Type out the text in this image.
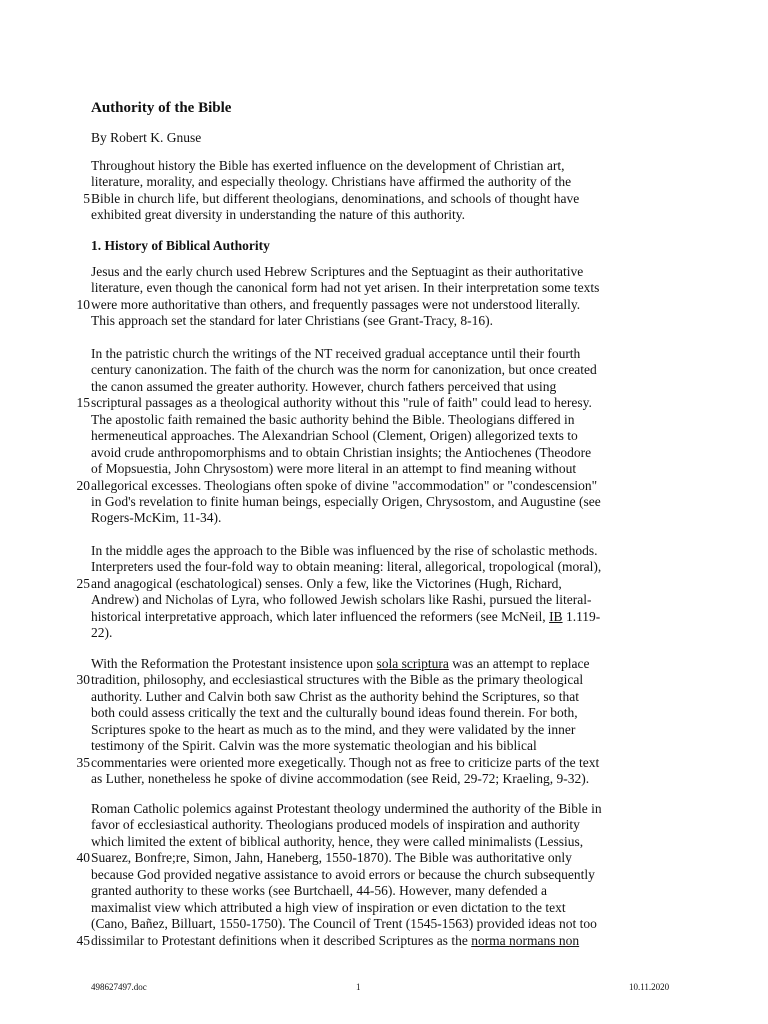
Authority of the Bible

By Robert K. Gnuse

Throughout history the Bible has exerted influence on the development of Christian art,
literature, morality, and especially theology. Christians have affirmed the authority of the
5 Bible in church life, but different theologians, denominations, and schools of thought have
exhibited great diversity in understanding the nature of this authority.
1. History of Biblical Authority
Jesus and the early church used Hebrew Scriptures and the Septuagint as their authoritative
literature, even though the canonical form had not yet arisen. In their interpretation some texts
10 were more authoritative than others, and frequently passages were not understood literally.
This approach set the standard for later Christians (see Grant-Tracy, 8-16).
In the patristic church the writings of the NT received gradual acceptance until their fourth
century canonization. The faith of the church was the norm for canonization, but once created
the canon assumed the greater authority. However, church fathers perceived that using
15 scriptural passages as a theological authority without this "rule of faith" could lead to heresy.
The apostolic faith remained the basic authority behind the Bible. Theologians differed in
hermeneutical approaches. The Alexandrian School (Clement, Origen) allegorized texts to
avoid crude anthropomorphisms and to obtain Christian insights; the Antiochenes (Theodore
of Mopsuestia, John Chrysostom) were more literal in an attempt to find meaning without
20 allegorical excesses. Theologians often spoke of divine "accommodation" or "condescension"
in God's revelation to finite human beings, especially Origen, Chrysostom, and Augustine (see
Rogers-McKim, 11-34).
In the middle ages the approach to the Bible was influenced by the rise of scholastic methods.
Interpreters used the four-fold way to obtain meaning: literal, allegorical, tropological (moral),
25 and anagogical (eschatological) senses. Only a few, like the Victorines (Hugh, Richard,
Andrew) and Nicholas of Lyra, who followed Jewish scholars like Rashi, pursued the literal-
historical interpretative approach, which later influenced the reformers (see McNeil, IB 1.119-
22).
With the Reformation the Protestant insistence upon sola scriptura was an attempt to replace
30 tradition, philosophy, and ecclesiastical structures with the Bible as the primary theological
authority. Luther and Calvin both saw Christ as the authority behind the Scriptures, so that
both could assess critically the text and the culturally bound ideas found therein. For both,
Scriptures spoke to the heart as much as to the mind, and they were validated by the inner
testimony of the Spirit. Calvin was the more systematic theologian and his biblical
35 commentaries were oriented more exegetically. Though not as free to criticize parts of the text
as Luther, nonetheless he spoke of divine accommodation (see Reid, 29-72; Kraeling, 9-32).
Roman Catholic polemics against Protestant theology undermined the authority of the Bible in
favor of ecclesiastical authority. Theologians produced models of inspiration and authority
which limited the extent of biblical authority, hence, they were called minimalists (Lessius,
40 Suarez, Bonfre;re, Simon, Jahn, Haneberg, 1550-1870). The Bible was authoritative only
because God provided negative assistance to avoid errors or because the church subsequently
granted authority to these works (see Burtchaell, 44-56). However, many defended a
maximalist view which attributed a high view of inspiration or even dictation to the text
(Cano, Bañez, Billuart, 1550-1750). The Council of Trent (1545-1563) provided ideas not too
45 dissimilar to Protestant definitions when it described Scriptures as the norma normans non
498627497.doc	1	10.11.2020
